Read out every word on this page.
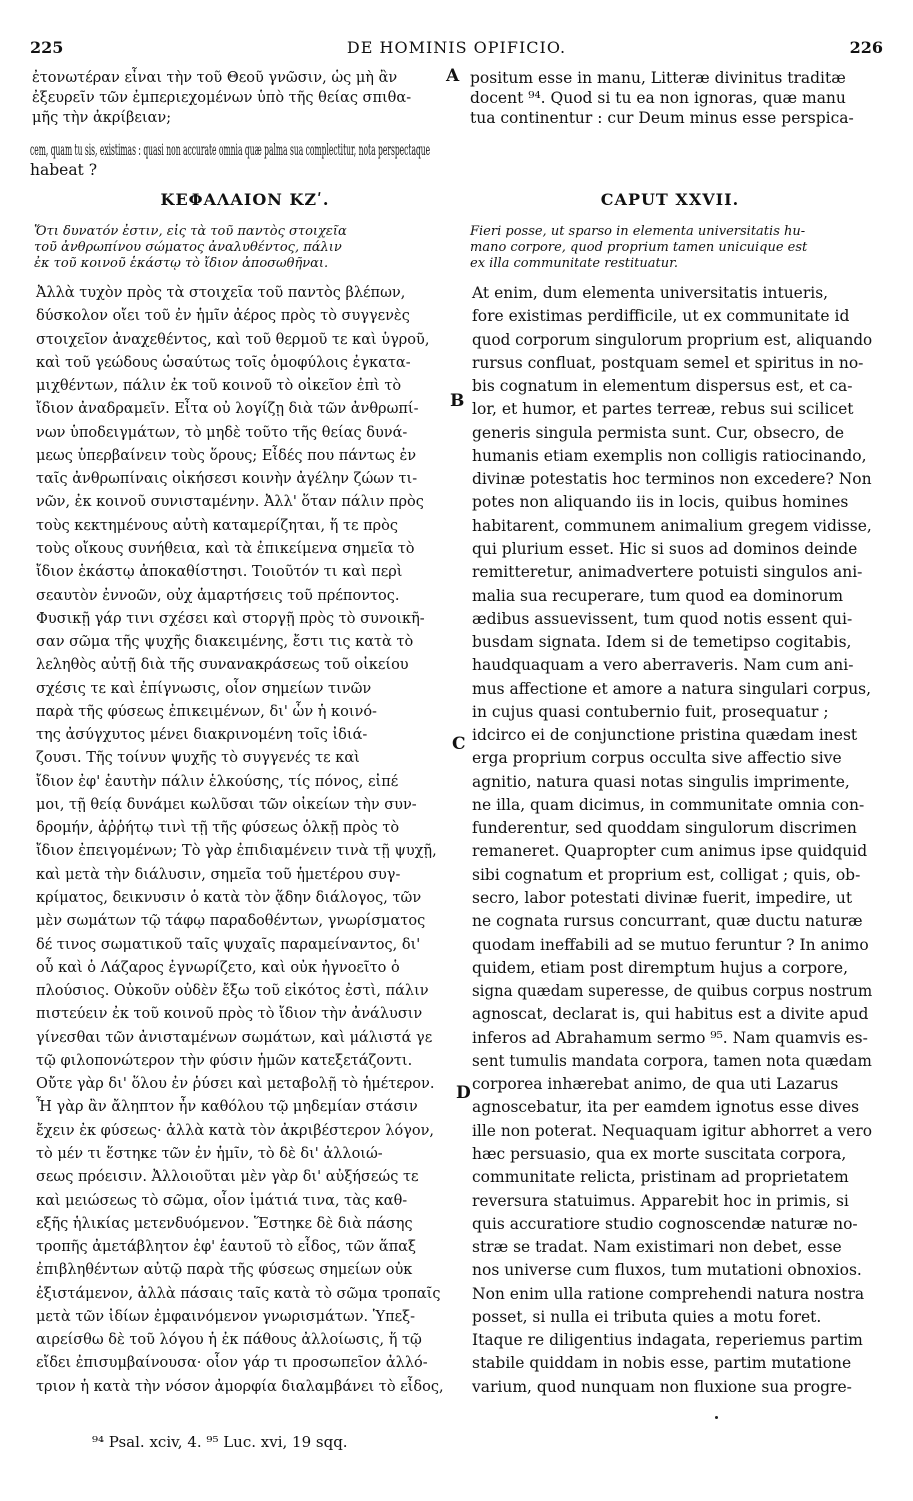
225	DE HOMINIS OPIFICIO.	226
ἐτονωτέραν εἶναι τὴν τοῦ Θεοῦ γνῶσιν, ὡς μὴ ἂν	positum esse in manu, Litteræ divinitus traditæ
ἐξευρεῖν τῶν ἐμπεριεχομένων ὑπὸ τῆς θείας σπιθα-	docent ⁹⁴. Quod si tu ea non ignoras, quæ manu
μῆς τὴν ἀκρίβειαν;	tua continentur : cur Deum minus esse perspica-
cem, quam tu sis, existimas : quasi non accurate omnia quæ palma sua complectitur, nota perspectaque
habeat ?
ΚΕΦΑΛΑΙΟΝ ΚΖʹ.	CAPUT XXVII.
Ὅτι δυνατόν ἐστιν, εἰς τὰ τοῦ παντὸς στοιχεῖα
τοῦ ἀνθρωπίνου σώματος ἀναλυθέντος, πάλιν
ἐκ τοῦ κοινοῦ ἑκάστῳ τὸ ἴδιον ἀποσωθῆναι.
Fieri posse, ut sparso in elementa universitatis hu-
mano corpore, quod proprium tamen unicuique est
ex illa communitate restituatur.
Ἀλλὰ τυχὸν πρὸς τὰ στοιχεῖα τοῦ παντὸς βλέπων,
δύσκολον οἴει τοῦ ἐν ἡμῖν ἀέρος πρὸς τὸ συγγενὲς
στοιχεῖον ἀναχεθέντος, καὶ τοῦ θερμοῦ τε καὶ ὑγροῦ,
καὶ τοῦ γεώδους ὡσαύτως τοῖς ὁμοφύλοις ἐγκατα-
μιχθέντων, πάλιν ἐκ τοῦ κοινοῦ τὸ οἰκεῖον ἐπὶ τὸ
ἴδιον ἀναδραμεῖν. Εἶτα οὐ λογίζῃ διὰ τῶν ἀνθρωπί-
νων ὑποδειγμάτων, τὸ μηδὲ τοῦτο τῆς θείας δυνά-
μεως ὑπερβαίνειν τοὺς ὅρους; Εἶδές που πάντως ἐν
ταῖς ἀνθρωπίναις οἰκήσεσι κοινὴν ἀγέλην ζώων τι-
νῶν, ἐκ κοινοῦ συνισταμένην. Ἀλλ' ὅταν πάλιν πρὸς
τοὺς κεκτημένους αὐτὴ καταμερίζηται, ἥ τε πρὸς
τοὺς οἴκους συνήθεια, καὶ τὰ ἐπικείμενα σημεῖα τὸ
ἴδιον ἑκάστῳ ἀποκαθίστησι. Τοιοῦτόν τι καὶ περὶ
σεαυτὸν ἐννοῶν, οὐχ ἁμαρτήσεις τοῦ πρέποντος.
Φυσικῇ γάρ τινι σχέσει καὶ στοργῇ πρὸς τὸ συνοικῆ-
σαν σῶμα τῆς ψυχῆς διακειμένης, ἔστι τις κατὰ τὸ
λεληθὸς αὐτῇ διὰ τῆς συνανακράσεως τοῦ οἰκείου
σχέσις τε καὶ ἐπίγνωσις, οἷον σημείων τινῶν
παρὰ τῆς φύσεως ἐπικειμένων, δι' ὧν ἡ κοινό-
της ἀσύγχυτος μένει διακρινομένη τοῖς ἰδιά-
ζουσι. Τῆς τοίνυν ψυχῆς τὸ συγγενές τε καὶ
ἴδιον ἐφ' ἑαυτὴν πάλιν ἑλκούσης, τίς πόνος, εἰπέ
μοι, τῇ θείᾳ δυνάμει κωλῦσαι τῶν οἰκείων τὴν συν-
δρομήν, ἀῤῥήτῳ τινὶ τῇ τῆς φύσεως ὁλκῇ πρὸς τὸ
ἴδιον ἐπειγομένων; Τὸ γὰρ ἐπιδιαμένειν τινὰ τῇ ψυχῇ,
καὶ μετὰ τὴν διάλυσιν, σημεῖα τοῦ ἡμετέρου συγ-
κρίματος, δεικνυσιν ὁ κατὰ τὸν ᾅδην διάλογος, τῶν
μὲν σωμάτων τῷ τάφῳ παραδοθέντων, γνωρίσματος
δέ τινος σωματικοῦ ταῖς ψυχαῖς παραμείναντος, δι'
οὗ καὶ ὁ Λάζαρος ἐγνωρίζετο, καὶ οὐκ ἠγνοεῖτο ὁ
πλούσιος. Οὐκοῦν οὐδὲν ἔξω τοῦ εἰκότος ἐστὶ, πάλιν
πιστεύειν ἐκ τοῦ κοινοῦ πρὸς τὸ ἴδιον τὴν ἀνάλυσιν
γίνεσθαι τῶν ἀνισταμένων σωμάτων, καὶ μάλιστά γε
τῷ φιλοπονώτερον τὴν φύσιν ἡμῶν κατεξετάζοντι.
Οὔτε γὰρ δι' ὅλου ἐν ῥύσει καὶ μεταβολῇ τὸ ἡμέτερον.
Ἦ γὰρ ἂν ἄληπτον ἦν καθόλου τῷ μηδεμίαν στάσιν
ἔχειν ἐκ φύσεως· ἀλλὰ κατὰ τὸν ἀκριβέστερον λόγον,
τὸ μέν τι ἕστηκε τῶν ἐν ἡμῖν, τὸ δὲ δι' ἀλλοιώ-
σεως πρόεισιν. Ἀλλοιοῦται μὲν γὰρ δι' αὐξήσεώς τε
καὶ μειώσεως τὸ σῶμα, οἷον ἱμάτιά τινα, τὰς καθ-
εξῆς ἡλικίας μετενδυόμενον. Ἕστηκε δὲ διὰ πάσης
τροπῆς ἀμετάβλητον ἐφ' ἑαυτοῦ τὸ εἶδος, τῶν ἅπαξ
ἐπιβληθέντων αὐτῷ παρὰ τῆς φύσεως σημείων οὐκ
ἐξιστάμενον, ἀλλὰ πάσαις ταῖς κατὰ τὸ σῶμα τροπαῖς
μετὰ τῶν ἰδίων ἐμφαινόμενον γνωρισμάτων. Ὑπεξ-
αιρείσθω δὲ τοῦ λόγου ἡ ἐκ πάθους ἀλλοίωσις, ἥ τῷ
εἴδει ἐπισυμβαίνουσα· οἷον γάρ τι προσωπεῖον ἀλλό-
τριον ἡ κατὰ τὴν νόσον ἀμορφία διαλαμβάνει τὸ εἶδος,
At enim, dum elementa universitatis intueris,
fore existimas perdifficile, ut ex communitate id
quod corporum singulorum proprium est, aliquando
rursus confluat, postquam semel et spiritus in no-
bis cognatum in elementum dispersus est, et ca-
lor, et humor, et partes terreæ, rebus sui scilicet
generis singula permista sunt. Cur, obsecro, de
humanis etiam exemplis non colligis ratiocinando,
divinæ potestatis hoc terminos non excedere? Non
potes non aliquando iis in locis, quibus homines
habitarent, communem animalium gregem vidisse,
qui plurium esset. Hic si suos ad dominos deinde
remitteretur, animadvertere potuisti singulos ani-
malia sua recuperare, tum quod ea dominorum
ædibus assuevissent, tum quod notis essent qui-
busdam signata. Idem si de temetipso cogitabis,
haudquaquam a vero aberraveris. Nam cum ani-
mus affectione et amore a natura singulari corpus,
in cujus quasi contubernio fuit, prosequatur ;
idcirco ei de conjunctione pristina quædam inest
erga proprium corpus occulta sive affectio sive
agnitio, natura quasi notas singulis imprimente,
ne illa, quam dicimus, in communitate omnia con-
funderentur, sed quoddam singulorum discrimen
remaneret. Quapropter cum animus ipse quidquid
sibi cognatum et proprium est, colligat ; quis, ob-
secro, labor potestati divinæ fuerit, impedire, ut
ne cognata rursus concurrant, quæ ductu naturæ
quodam ineffabili ad se mutuo feruntur ? In animo
quidem, etiam post diremptum hujus a corpore,
signa quædam superesse, de quibus corpus nostrum
agnoscat, declarat is, qui habitus est a divite apud
inferos ad Abrahamum sermo ⁹⁵. Nam quamvis es-
sent tumulis mandata corpora, tamen nota quædam
corporea inhærebat animo, de qua uti Lazarus
agnoscebatur, ita per eamdem ignotus esse dives
ille non poterat. Nequaquam igitur abhorret a vero
hæc persuasio, qua ex morte suscitata corpora,
communitate relicta, pristinam ad proprietatem
reversura statuimus. Apparebit hoc in primis, si
quis accuratiore studio cognoscendæ naturæ no-
stræ se tradat. Nam existimari non debet, esse
nos universe cum fluxos, tum mutationi obnoxios.
Non enim ulla ratione comprehendi natura nostra
posset, si nulla ei tributa quies a motu foret.
Itaque re diligentius indagata, reperiemus partim
stabile quiddam in nobis esse, partim mutatione
varium, quod nunquam non fluxione sua progre-
A
B
C
D
⁹⁴ Psal. xciv, 4. ⁹⁵ Luc. xvi, 19 sqq.
